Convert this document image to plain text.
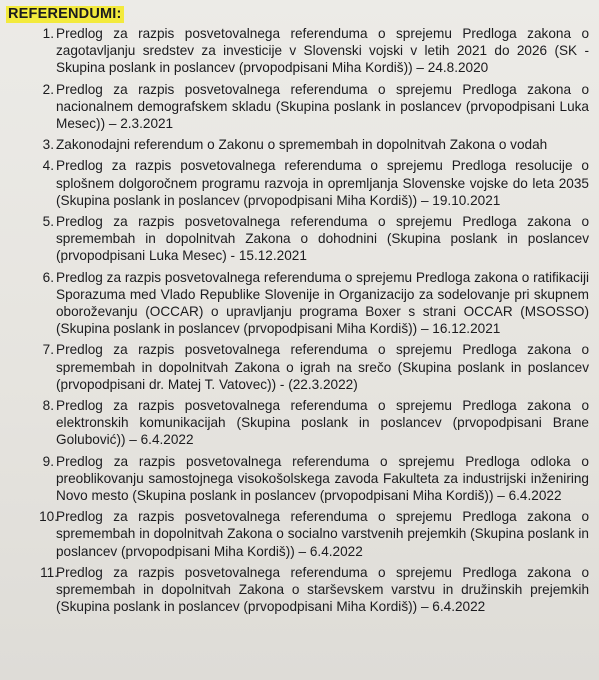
REFERENDUMI:
1. Predlog za razpis posvetovalnega referenduma o sprejemu Predloga zakona o zagotavljanju sredstev za investicije v Slovenski vojski v letih 2021 do 2026 (SK - Skupina poslank in poslancev (prvopodpisani Miha Kordiš)) – 24.8.2020
2. Predlog za razpis posvetovalnega referenduma o sprejemu Predloga zakona o nacionalnem demografskem skladu (Skupina poslank in poslancev (prvopodpisani Luka Mesec)) – 2.3.2021
3. Zakonodajni referendum o Zakonu o spremembah in dopolnitvah Zakona o vodah
4. Predlog za razpis posvetovalnega referenduma o sprejemu Predloga resolucije o splošnem dolgoročnem programu razvoja in opremljanja Slovenske vojske do leta 2035 (Skupina poslank in poslancev (prvopodpisani Miha Kordiš)) – 19.10.2021
5. Predlog za razpis posvetovalnega referenduma o sprejemu Predloga zakona o spremembah in dopolnitvah Zakona o dohodnini (Skupina poslank in poslancev (prvopodpisani Luka Mesec) - 15.12.2021
6. Predlog za razpis posvetovalnega referenduma o sprejemu Predloga zakona o ratifikaciji Sporazuma med Vlado Republike Slovenije in Organizacijo za sodelovanje pri skupnem oboroževanju (OCCAR) o upravljanju programa Boxer s strani OCCAR (MSOSSO) (Skupina poslank in poslancev (prvopodpisani Miha Kordiš)) – 16.12.2021
7. Predlog za razpis posvetovalnega referenduma o sprejemu Predloga zakona o spremembah in dopolnitvah Zakona o igrah na srečo (Skupina poslank in poslancev (prvopodpisani dr. Matej T. Vatovec)) - (22.3.2022)
8. Predlog za razpis posvetovalnega referenduma o sprejemu Predloga zakona o elektronskih komunikacijah (Skupina poslank in poslancev (prvopodpisani Brane Golubović)) – 6.4.2022
9. Predlog za razpis posvetovalnega referenduma o sprejemu Predloga odloka o preoblikovanju samostojnega visokošolskega zavoda Fakulteta za industrijski inženiring Novo mesto (Skupina poslank in poslancev (prvopodpisani Miha Kordiš)) – 6.4.2022
10.
Predlog za razpis posvetovalnega referenduma o sprejemu Predloga zakona o spremembah in dopolnitvah Zakona o socialno varstvenih prejemkih (Skupina poslank in poslancev (prvopodpisani Miha Kordiš)) – 6.4.2022
11.
Predlog za razpis posvetovalnega referenduma o sprejemu Predloga zakona o spremembah in dopolnitvah Zakona o starševskem varstvu in družinskih prejemkih (Skupina poslank in poslancev (prvopodpisani Miha Kordiš)) – 6.4.2022
